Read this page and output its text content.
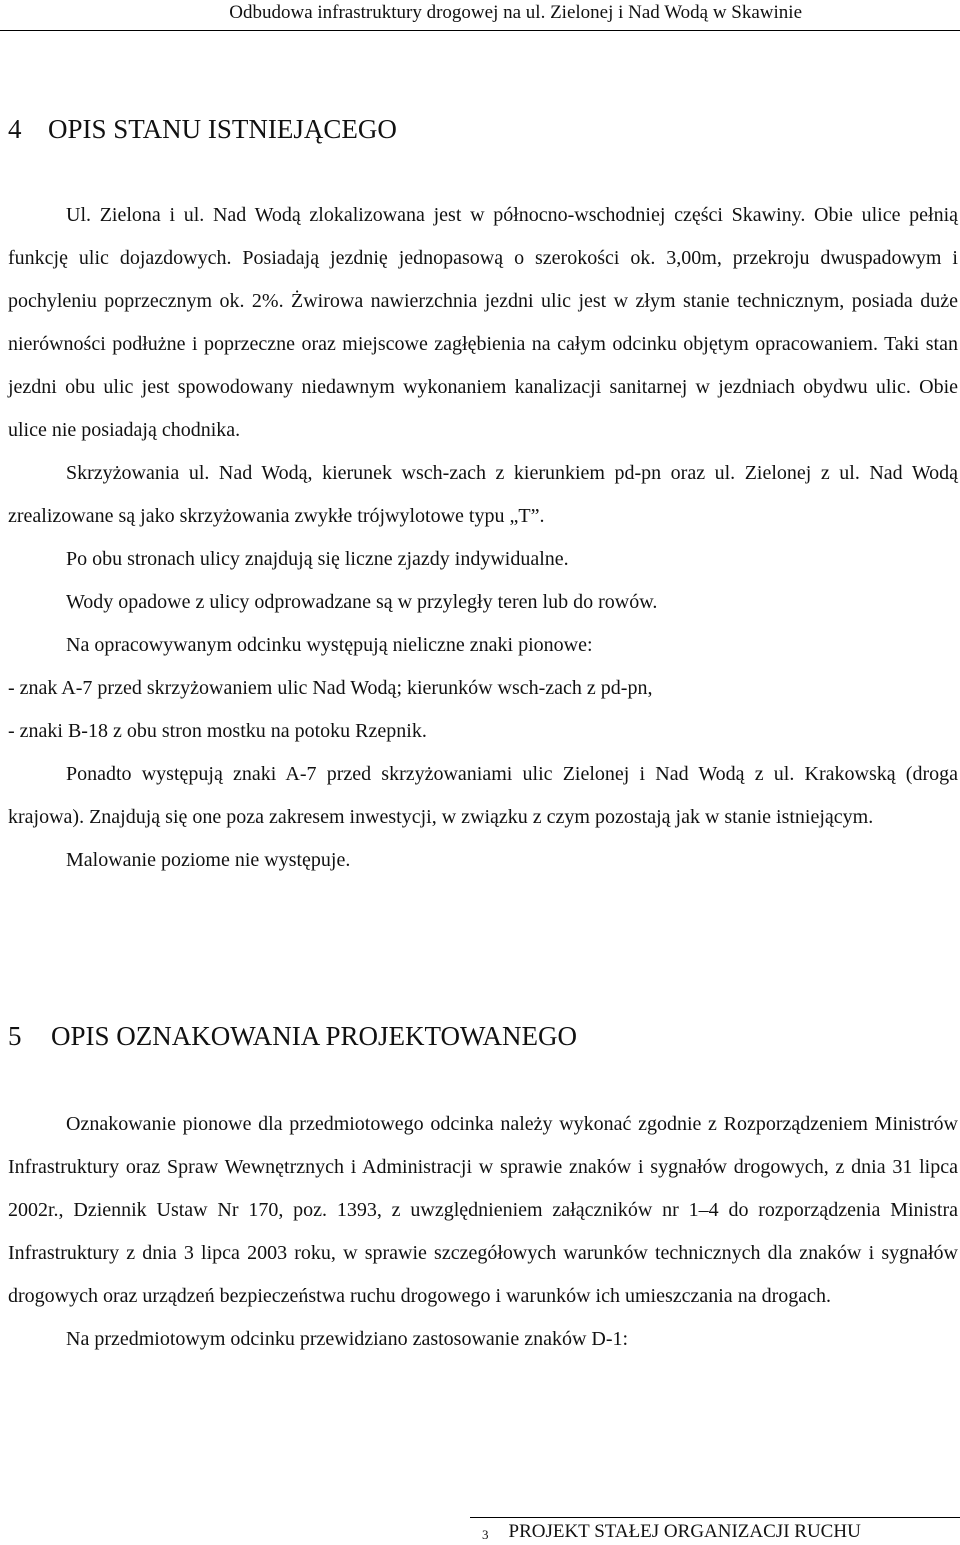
Odbudowa infrastruktury drogowej na ul. Zielonej i Nad Wodą w Skawinie
4 OPIS STANU ISTNIEJĄCEGO

Ul. Zielona i ul. Nad Wodą zlokalizowana jest w północno-wschodniej części Skawiny. Obie ulice pełnią funkcję ulic dojazdowych. Posiadają jezdnię jednopasową o szerokości ok. 3,00m, przekroju dwuspadowym i pochyleniu poprzecznym ok. 2%. Żwirowa nawierzchnia jezdni ulic jest w złym stanie technicznym, posiada duże nierówności podłużne i poprzeczne oraz miejscowe zagłębienia na całym odcinku objętym opracowaniem. Taki stan jezdni obu ulic jest spowodowany niedawnym wykonaniem kanalizacji sanitarnej w jezdniach obydwu ulic. Obie ulice nie posiadają chodnika.

Skrzyżowania ul. Nad Wodą, kierunek wsch-zach z kierunkiem pd-pn oraz ul. Zielonej z ul. Nad Wodą zrealizowane są jako skrzyżowania zwykłe trójwylotowe typu „T”.

Po obu stronach ulicy znajdują się liczne zjazdy indywidualne.

Wody opadowe z ulicy odprowadzane są w przyległy teren lub do rowów.

Na opracowywanym odcinku występują nieliczne znaki pionowe:

- znak A-7 przed skrzyżowaniem ulic Nad Wodą; kierunków wsch-zach z pd-pn,

- znaki B-18 z obu stron mostku na potoku Rzepnik.

Ponadto występują znaki A-7 przed skrzyżowaniami ulic Zielonej i Nad Wodą z ul. Krakowską (droga krajowa). Znajdują się one poza zakresem inwestycji, w związku z czym pozostają jak w stanie istniejącym.

Malowanie poziome nie występuje.

5 OPIS OZNAKOWANIA PROJEKTOWANEGO

Oznakowanie pionowe dla przedmiotowego odcinka należy wykonać zgodnie z Rozporządzeniem Ministrów Infrastruktury oraz Spraw Wewnętrznych i Administracji w sprawie znaków i sygnałów drogowych, z dnia 31 lipca 2002r., Dziennik Ustaw Nr 170, poz. 1393, z uwzględnieniem załączników nr 1–4 do rozporządzenia Ministra Infrastruktury z dnia 3 lipca 2003 roku, w sprawie szczegółowych warunków technicznych dla znaków i sygnałów drogowych oraz urządzeń bezpieczeństwa ruchu drogowego i warunków ich umieszczania na drogach.

Na przedmiotowym odcinku przewidziano zastosowanie znaków D-1:

3 PROJEKT STAŁEJ ORGANIZACJI RUCHU
